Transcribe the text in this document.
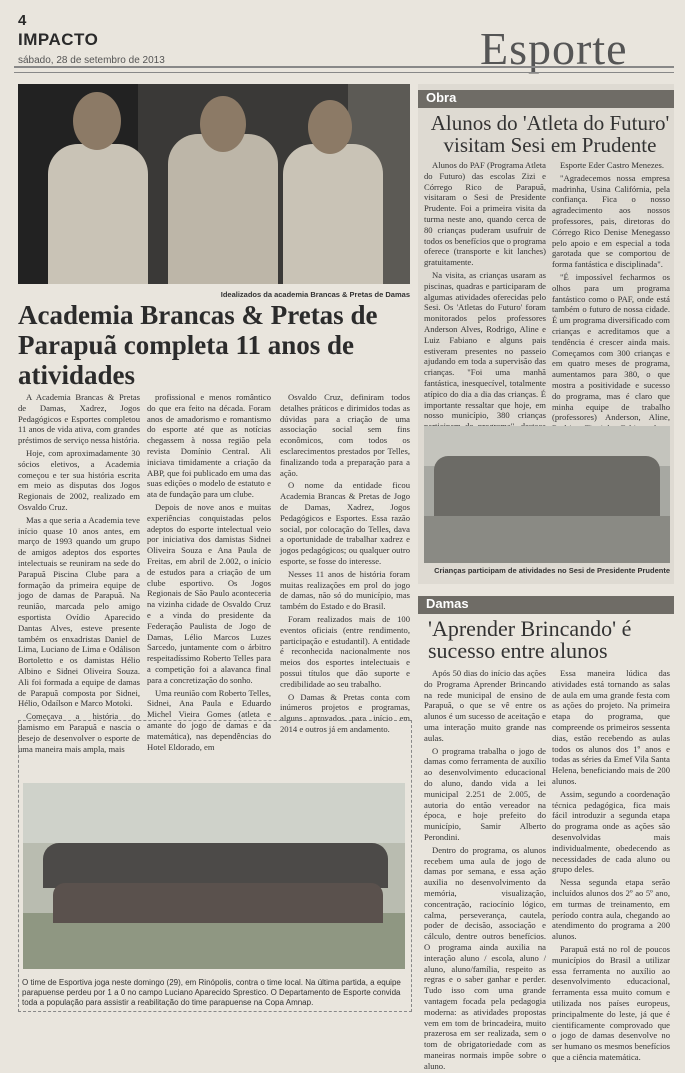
4
IMPACTO
sábado, 28 de setembro de 2013	Esporte
Idealizados da academia Brancas & Pretas de Damas
Academia Brancas & Pretas de Parapuã completa 11 anos de atividades

A Academia Brancas & Pretas de Damas, Xadrez, Jogos Pedagógicos e Esportes completou 11 anos de vida ativa, com grandes préstimos de serviço nessa história.

Hoje, com aproximadamente 30 sócios eletivos, a Academia começou e ter sua história escrita em meio as disputas dos Jogos Regionais de 2002, realizado em Osvaldo Cruz.

Mas a que seria a Academia teve início quase 10 anos antes, em março de 1993 quando um grupo de amigos adeptos dos esportes intelectuais se reuniram na sede do Parapuã Piscina Clube para a formação da primeira equipe de jogo de damas de Parapuã. Na reunião, marcada pelo amigo esportista Ovídio Aparecido Dantas Alves, esteve presente também os enxadristas Daniel de Lima, Luciano de Lima e Odálison Bortoletto e os damistas Hélio Albino e Sidnei Oliveira Souza. Ali foi formada a equipe de damas de Parapuã composta por Sidnei, Hélio, Odaílson e Marco Motoki.

Começava a história do damismo em Parapuã e nascia o desejo de desenvolver o esporte de uma maneira mais ampla, mais

profissional e menos romântico do que era feito na década. Foram anos de amadorismo e romantismo do esporte até que as notícias chegassem à nossa região pela revista Domínio Central. Ali iniciava timidamente a criação da ABP, que foi publicado em uma das suas edições o modelo de estatuto e ata de fundação para um clube.

Depois de nove anos e muitas experiências conquistadas pelos adeptos do esporte intelectual veio por iniciativa dos damistas Sidnei Oliveira Souza e Ana Paula de Freitas, em abril de 2.002, o início de estudos para a criação de um clube esportivo. Os Jogos Regionais de São Paulo aconteceria na vizinha cidade de Osvaldo Cruz e a vinda do presidente da Federação Paulista de Jogo de Damas, Lélio Marcos Luzes Sarcedo, juntamente com o árbitro respeitadíssimo Roberto Telles para a competição foi a alavanca final para a concretização do sonho.

Uma reunião com Roberto Telles, Sidnei, Ana Paula e Eduardo Michel Vieira Gomes (atleta e amante do jogo de damas e da matemática), nas dependências do Hotel Eldorado, em

Osvaldo Cruz, definiram todos detalhes práticos e dirimidos todas as dúvidas para a criação de uma associação social sem fins econômicos, com todos os esclarecimentos prestados por Telles, finalizando toda a preparação para a ação.

O nome da entidade ficou Academia Brancas & Pretas de Jogo de Damas, Xadrez, Jogos Pedagógicos e Esportes. Essa razão social, por colocação do Telles, dava a oportunidade de trabalhar xadrez e jogos pedagógicos; ou qualquer outro esporte, se fosse do interesse.

Nesses 11 anos de história foram muitas realizações em prol do jogo de damas, não só do município, mas também do Estado e do Brasil.

Foram realizados mais de 100 eventos oficiais (entre rendimento, participação e estudantil). A entidade é reconhecida nacionalmente nos meios dos esportes intelectuais e possui títulos que dão suporte e credibilidade ao seu trabalho.

O Damas & Pretas conta com inúmeros projetos e programas, alguns aprovados para início em 2014 e outros já em andamento.

O time de Esportiva joga neste domingo (29), em Rinópolis, contra o time local. Na última partida, a equipe parapuense perdeu por 1 a 0 no campo Luciano Aparecido Sprestico. O Departamento de Esporte convida toda a população para assistir a reabilitação do time parapuense na Copa Amnap.
Obra
Alunos do 'Atleta do Futuro' visitam Sesi em Prudente

Alunos do PAF (Programa Atleta do Futuro) das escolas Zizi e Córrego Rico de Parapuã, visitaram o Sesi de Presidente Prudente. Foi a primeira visita da turma neste ano, quando cerca de 80 crianças puderam usufruir de todos os benefícios que o programa oferece (transporte e kit lanches) gratuitamente.

Na visita, as crianças usaram as piscinas, quadras e participaram de algumas atividades oferecidas pelo Sesi. Os 'Atletas do Futuro' foram monitorados pelos professores Anderson Alves, Rodrigo, Aline e Luiz Fabiano e alguns pais estiveram presentes no passeio ajudando em toda a supervisão das crianças. "Foi uma manhã fantástica, inesquecível, totalmente atípico do dia a dia das crianças. É importante ressaltar que hoje, em nosso município, 380 crianças

Esporte Eder Castro Menezes.

"Agradecemos nossa empresa madrinha, Usina Califórnia, pela confiança. Fica o nosso agradecimento aos nossos professores, pais, diretoras do Córrego Rico Denise Menegasso pelo apoio e em especial a toda garotada que se comportou de forma fantástica e disciplinada".

"É impossível fecharmos os olhos para um programa fantástico como o PAF, onde está também o futuro de nossa cidade. É um programa diversificado com crianças e acreditamos que a tendência é crescer ainda mais. Começamos com 300 crianças e em quatro meses de programa, aumentamos para 380, o que mostra a positividade e sucesso do programa, mas é claro que minha equipe de trabalho (professores) Anderson, Aline,

Crianças participam de atividades no Sesi de Presidente Prudente
Damas
'Aprender Brincando' é sucesso entre alunos

Após 50 dias do início das ações do Programa Aprender Brincando na rede municipal de ensino de Parapuã, o que se vê entre os alunos é um sucesso de aceitação e uma interação muito grande nas aulas.

O programa trabalha o jogo de damas como ferramenta de auxílio ao desenvolvimento educacional do aluno, dando vida a lei municipal 2.251 de 2.005, de autoria do então vereador na época, e hoje prefeito do município, Samir Alberto Perondini.

Dentro do programa, os alunos recebem uma aula de jogo de damas por semana, e essa ação auxilia no desenvolvimento da memória, visualização, concentração, raciocínio lógico, calma, perseverança, cautela, poder de decisão, associação e cálculo, dentre outros benefícios. O programa ainda auxilia na interação aluno / escola, aluno / aluno, aluno/família, respeito as regras e o saber ganhar e perder. Tudo isso com uma grande vantagem focada pela pedagogia moderna: as atividades propostas vem em tom de brincadeira, muito prazerosa em ser realizada, sem o tom de obrigatoriedade com as maneiras normais impõe sobre o aluno.

Essa maneira lúdica das atividades está tornando as salas de aula em uma grande festa com as ações do projeto. Na primeira etapa do programa, que compreende os primeiros sessenta dias, estão recebendo as aulas todos os alunos dos 1º anos e todas as séries da Emef Vila Santa Helena, beneficiando mais de 200 alunos.

Assim, segundo a coordenação técnica pedagógica, fica mais fácil introduzir a segunda etapa do programa onde as ações são desenvolvidas mais individualmente, obedecendo as necessidades de cada aluno ou grupo deles.

Nessa segunda etapa serão incluídos alunos dos 2º ao 5º ano, em turmas de treinamento, em período contra aula, chegando ao atendimento do programa a 200 alunos.

Parapuã está no rol de poucos municípios do Brasil a utilizar essa ferramenta no auxílio ao desenvolvimento educacional, ferramenta essa muito comum e utilizada nos países europeus, principalmente do leste, já que é cientificamente comprovado que o jogo de damas desenvolve no ser humano os mesmos benefícios que a ciência matemática.
